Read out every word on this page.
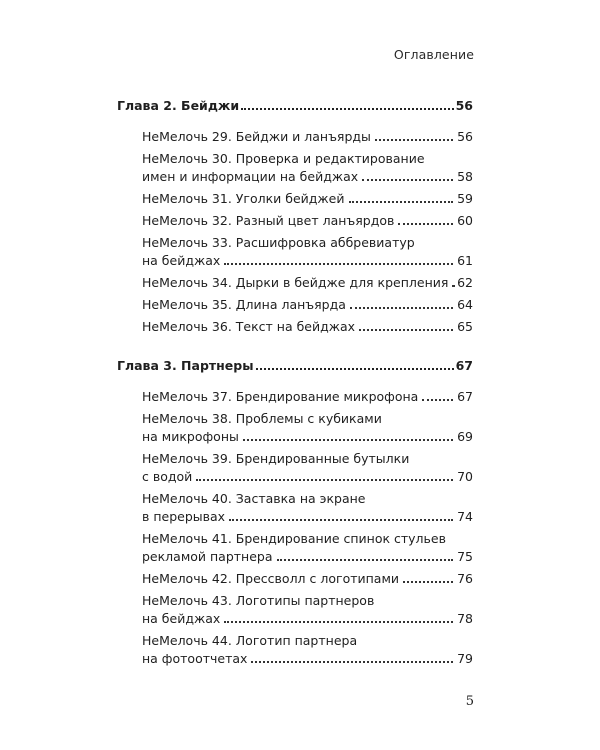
Оглавление
Глава 2. Бейджи	56
НеМелочь 29. Бейджи и ланъярды	56
НеМелочь 30. Проверка и редактирование
имен и информации на бейджах	58
НеМелочь 31. Уголки бейджей	59
НеМелочь 32. Разный цвет ланъярдов	60
НеМелочь 33. Расшифровка аббревиатур
на бейджах	61
НеМелочь 34. Дырки в бейдже для крепления 62
НеМелочь 35. Длина ланъярда	64
НеМелочь 36. Текст на бейджах	65
Глава 3. Партнеры	67
НеМелочь 37. Брендирование микрофона	67
НеМелочь 38. Проблемы с кубиками
на микрофоны	69
НеМелочь 39. Брендированные бутылки
с водой	70
НеМелочь 40. Заставка на экране
в перерывах	74
НеМелочь 41. Брендирование спинок стульев
рекламой партнера	75
НеМелочь 42. Прессволл с логотипами	76
НеМелочь 43. Логотипы партнеров
на бейджах	78
НеМелочь 44. Логотип партнера
на фотоотчетах	79
5
